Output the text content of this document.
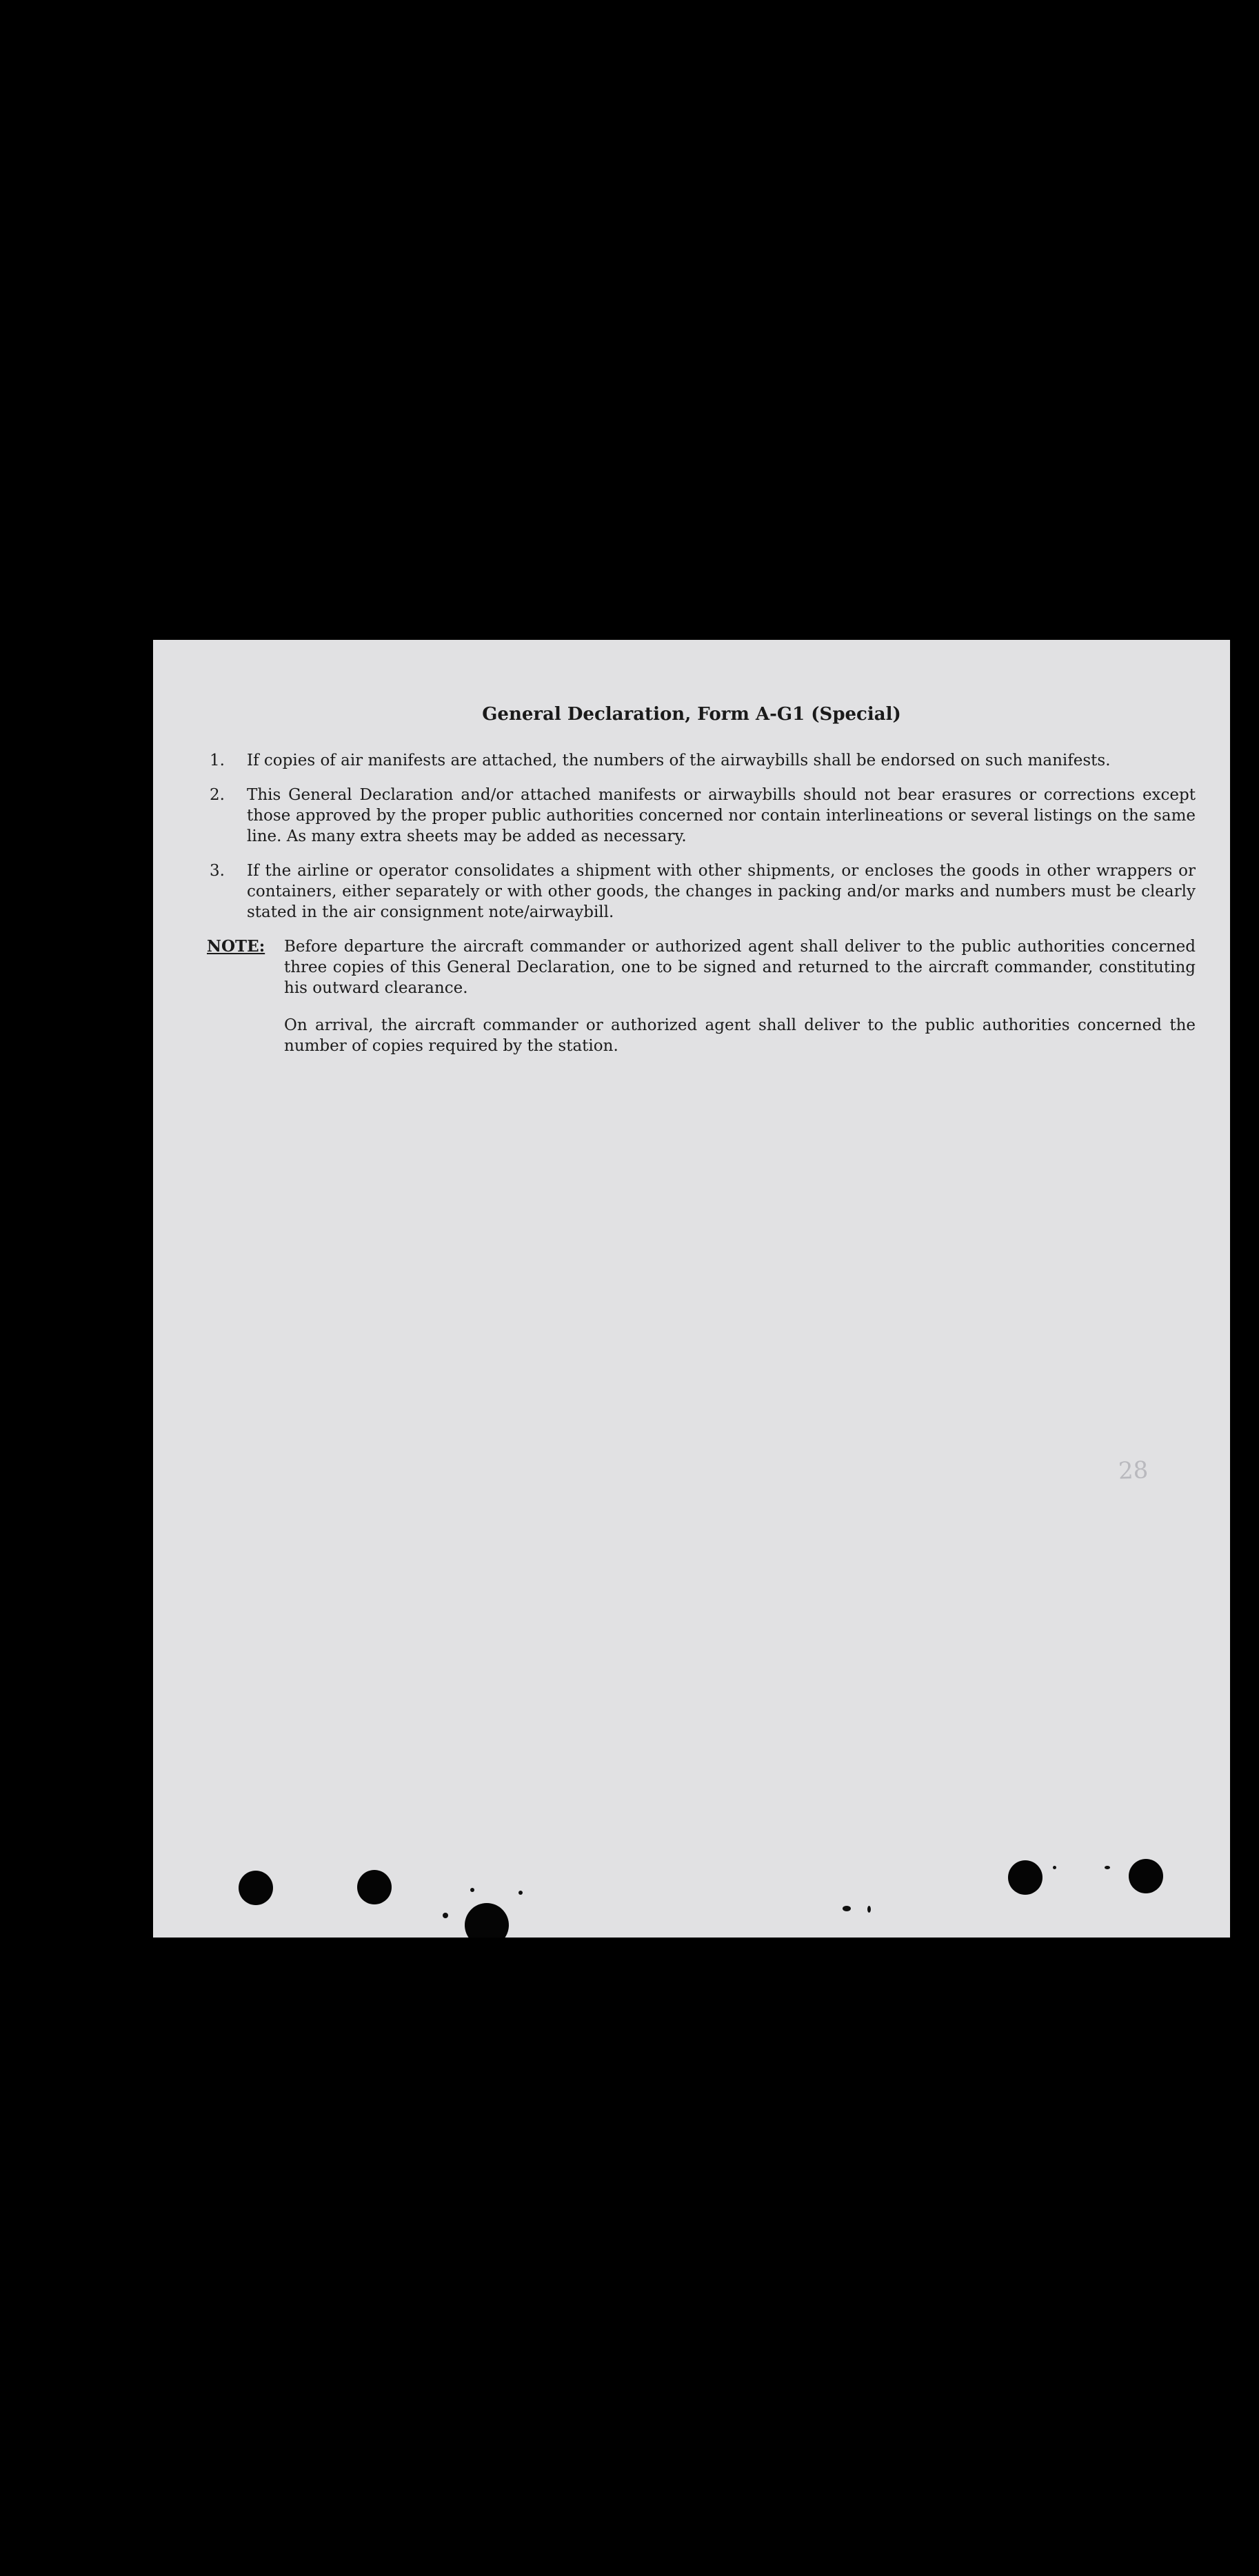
General Declaration, Form A-G1 (Special)
1.	If copies of air manifests are attached, the numbers of the airwaybills shall be endorsed on such manifests.
2.	This General Declaration and/or attached manifests or airwaybills should not bear erasures or corrections except those approved by the proper public authorities concerned nor contain interlineations or several listings on the same line. As many extra sheets may be added as necessary.
3.	If the airline or operator consolidates a shipment with other shipments, or encloses the goods in other wrappers or containers, either separately or with other goods, the changes in packing and/or marks and numbers must be clearly stated in the air consignment note/airwaybill.
NOTE:	Before departure the aircraft commander or authorized agent shall deliver to the public authorities concerned three copies of this General Declaration, one to be signed and returned to the aircraft commander, constituting his outward clearance.

On arrival, the aircraft commander or authorized agent shall deliver to the public authorities concerned the number of copies required by the station.

28
